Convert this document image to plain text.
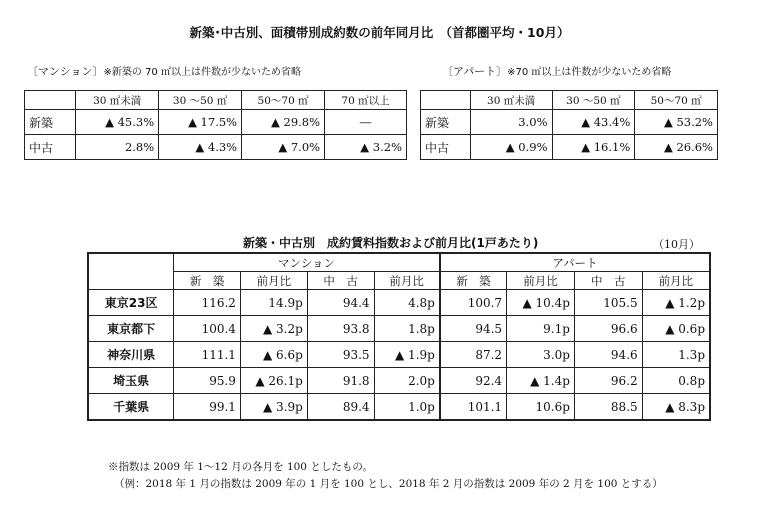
新築･中古別、面積帯別成約数の前年同月比　（首都圏平均・10月）
〔マンション〕※新築の 70 ㎡以上は件数が少ないため省略	〔アパート〕※70 ㎡以上は件数が少ないため省略
	30 ㎡未満	30 ～50 ㎡	50～70 ㎡	70 ㎡以上
新築	▲ 45.3%	▲ 17.5%	▲ 29.8%	―
中古	2.8%	▲ 4.3%	▲ 7.0%	▲ 3.2%
	30 ㎡未満	30 ～50 ㎡	50～70 ㎡
新築	3.0%	▲ 43.4%	▲ 53.2%
中古	▲ 0.9%	▲ 16.1%	▲ 26.6%
新築・中古別　成約賃料指数および前月比(1戸あたり)	（10月）
	マンション				アパート			
	新　築	前月比	中　古	前月比	新　築	前月比	中　古	前月比
東京23区	116.2	14.9p	94.4	4.8p	100.7	▲ 10.4p	105.5	▲ 1.2p
東京都下	100.4	▲ 3.2p	93.8	1.8p	94.5	9.1p	96.6	▲ 0.6p
神奈川県	111.1	▲ 6.6p	93.5	▲ 1.9p	87.2	3.0p	94.6	1.3p
埼玉県	95.9	▲ 26.1p	91.8	2.0p	92.4	▲ 1.4p	96.2	0.8p
千葉県	99.1	▲ 3.9p	89.4	1.0p	101.1	10.6p	88.5	▲ 8.3p
※指数は 2009 年 1～12 月の各月を 100 としたもの。
（例：2018 年 1 月の指数は 2009 年の 1 月を 100 とし、2018 年 2 月の指数は 2009 年の 2 月を 100 とする）
